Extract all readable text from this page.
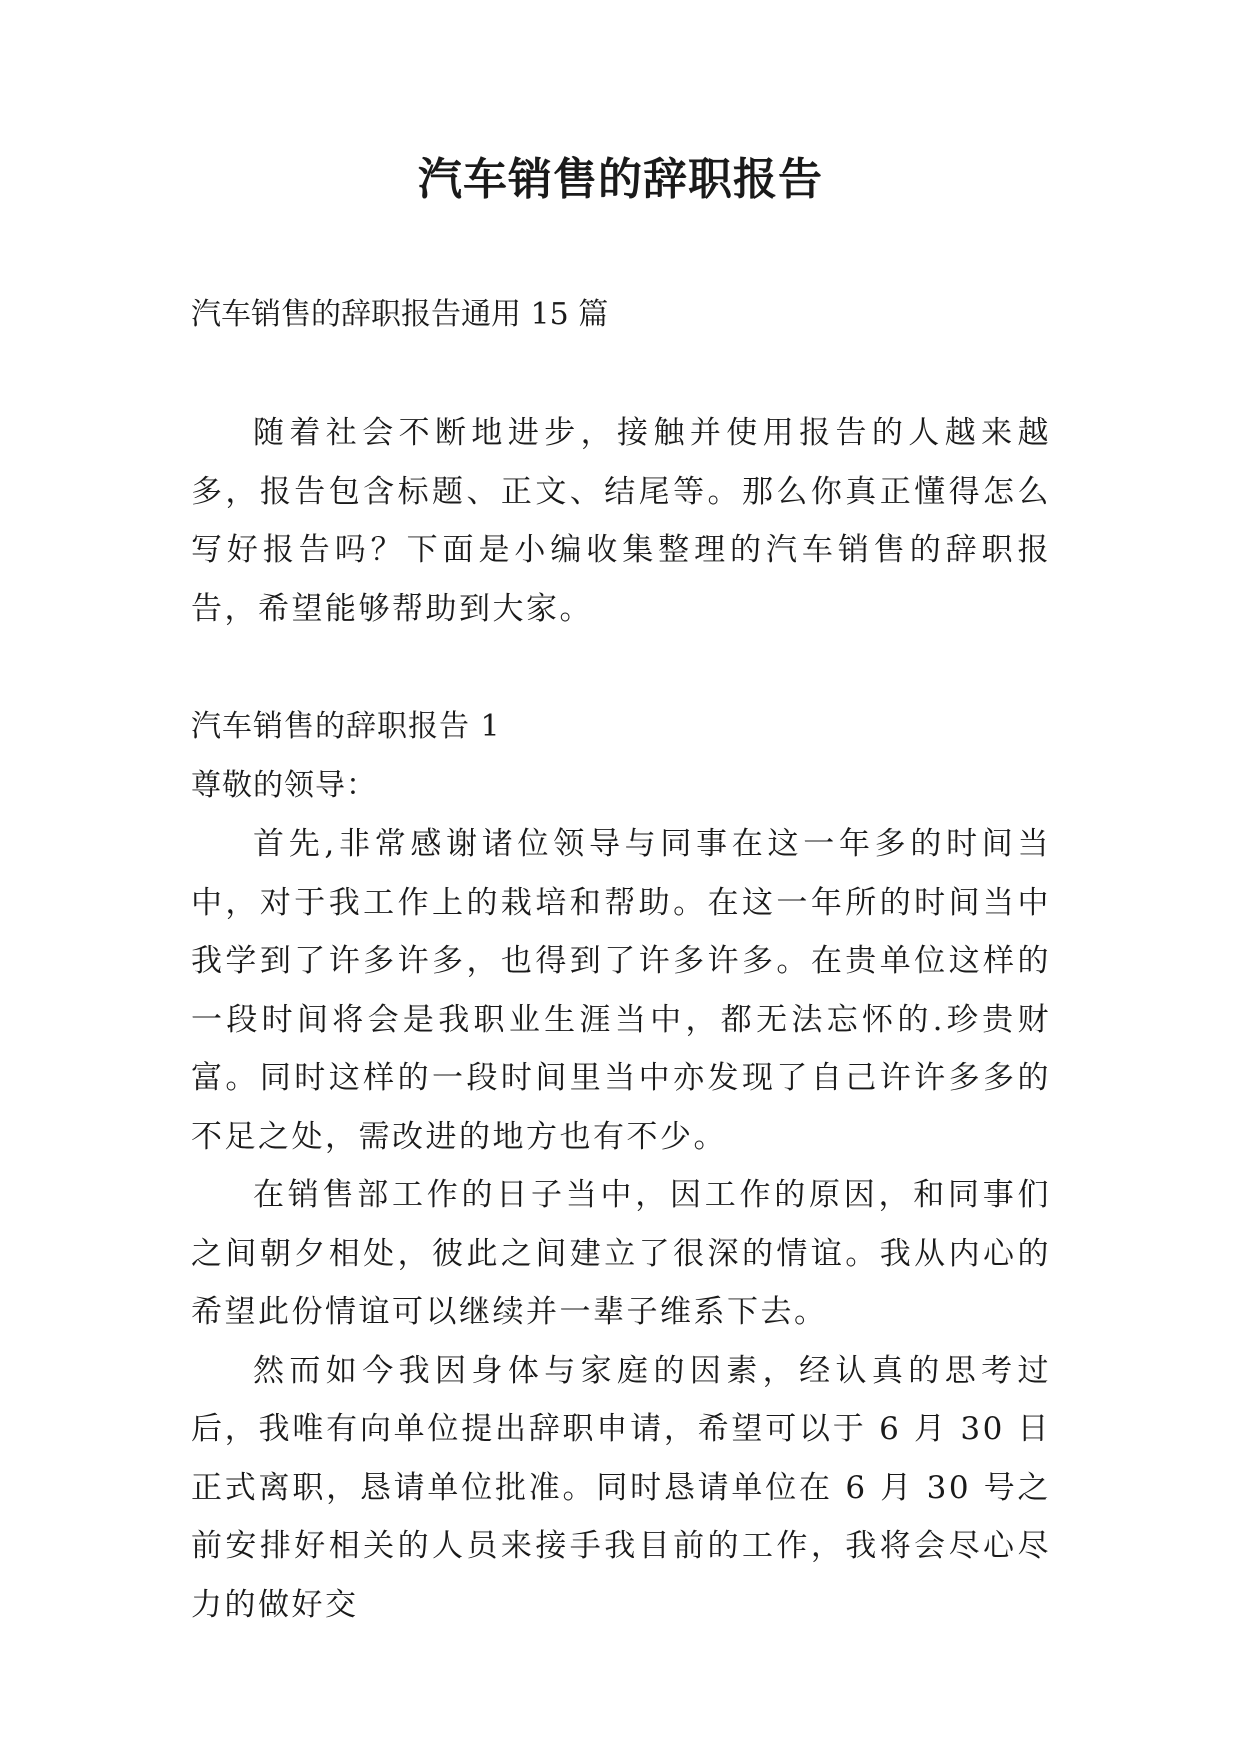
汽车销售的辞职报告

汽车销售的辞职报告通用 15 篇

随着社会不断地进步，接触并使用报告的人越来越多，报告包含标题、正文、结尾等。那么你真正懂得怎么写好报告吗？下面是小编收集整理的汽车销售的辞职报告，希望能够帮助到大家。

汽车销售的辞职报告 1

尊敬的领导：

首先,非常感谢诸位领导与同事在这一年多的时间当中，对于我工作上的栽培和帮助。在这一年所的时间当中我学到了许多许多，也得到了许多许多。在贵单位这样的一段时间将会是我职业生涯当中，都无法忘怀的.珍贵财富。同时这样的一段时间里当中亦发现了自己许许多多的不足之处，需改进的地方也有不少。

在销售部工作的日子当中，因工作的原因，和同事们之间朝夕相处，彼此之间建立了很深的情谊。我从内心的希望此份情谊可以继续并一辈子维系下去。

然而如今我因身体与家庭的因素，经认真的思考过后，我唯有向单位提出辞职申请，希望可以于 6 月 30 日正式离职，恳请单位批准。同时恳请单位在 6 月 30 号之前安排好相关的人员来接手我目前的工作，我将会尽心尽力的做好交
